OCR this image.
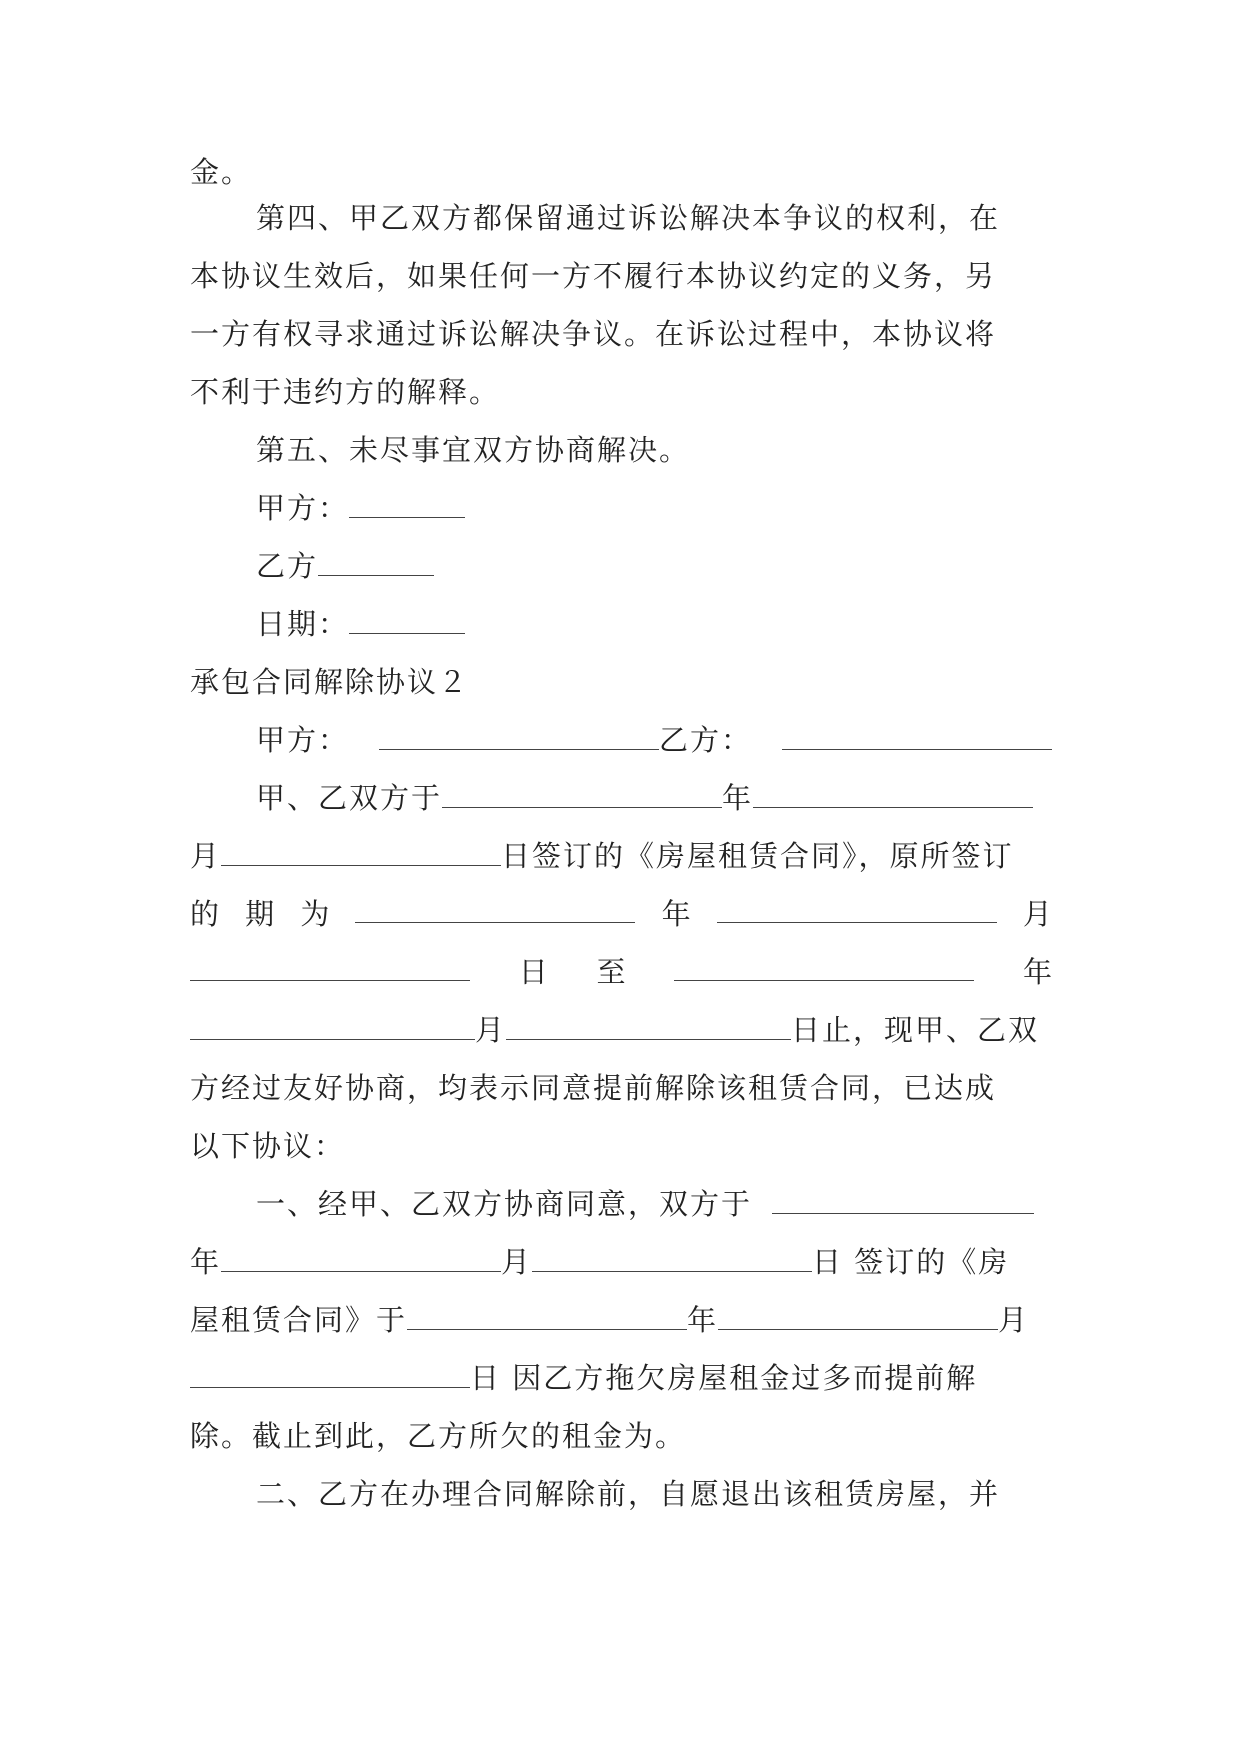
金。
第四、甲乙双方都保留通过诉讼解决本争议的权利，在
本协议生效后，如果任何一方不履行本协议约定的义务，另
一方有权寻求通过诉讼解决争议。在诉讼过程中，本协议将
不利于违约方的解释。
第五、未尽事宜双方协商解决。
甲方：
乙方
日期：
承包合同解除协议２
甲方：	乙方：
甲、乙双方于	年
月	日签订的《房屋租赁合同》，原所签订
的 期 为	年	月
日 至	年
月	日止，现甲、乙双
方经过友好协商，均表示同意提前解除该租赁合同，已达成
以下协议：
一、经甲、乙双方协商同意，双方于
年	月	日 签订的《房
屋租赁合同》于	年	月
日 因乙方拖欠房屋租金过多而提前解
除。截止到此，乙方所欠的租金为。
二、乙方在办理合同解除前，自愿退出该租赁房屋，并
